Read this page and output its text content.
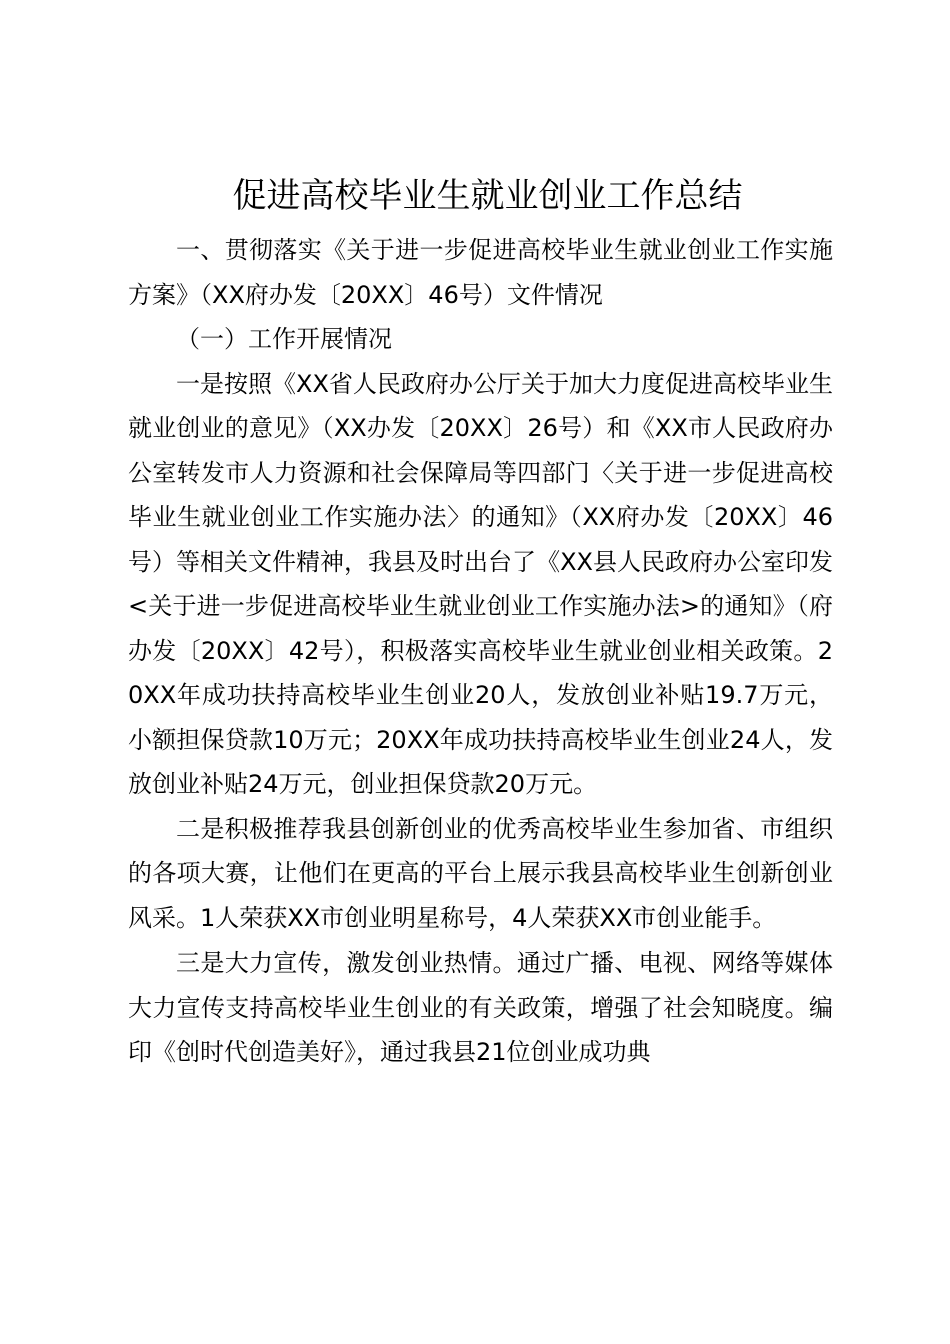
促进高校毕业生就业创业工作总结

一、贯彻落实《关于进一步促进高校毕业生就业创业工作实施方案》（XX府办发〔20XX〕46号）文件情况

（一）工作开展情况

一是按照《XX省人民政府办公厅关于加大力度促进高校毕业生就业创业的意见》（XX办发〔20XX〕26号）和《XX市人民政府办公室转发市人力资源和社会保障局等四部门〈关于进一步促进高校毕业生就业创业工作实施办法〉的通知》（XX府办发〔20XX〕46号）等相关文件精神，我县及时出台了《XX县人民政府办公室印发<关于进一步促进高校毕业生就业创业工作实施办法>的通知》（府办发〔20XX〕42号），积极落实高校毕业生就业创业相关政策。20XX年成功扶持高校毕业生创业20人，发放创业补贴19.7万元，小额担保贷款10万元；20XX年成功扶持高校毕业生创业24人，发放创业补贴24万元，创业担保贷款20万元。

二是积极推荐我县创新创业的优秀高校毕业生参加省、市组织的各项大赛，让他们在更高的平台上展示我县高校毕业生创新创业风采。1人荣获XX市创业明星称号，4人荣获XX市创业能手。

三是大力宣传，激发创业热情。通过广播、电视、网络等媒体大力宣传支持高校毕业生创业的有关政策，增强了社会知晓度。编印《创时代创造美好》，通过我县21位创业成功典
